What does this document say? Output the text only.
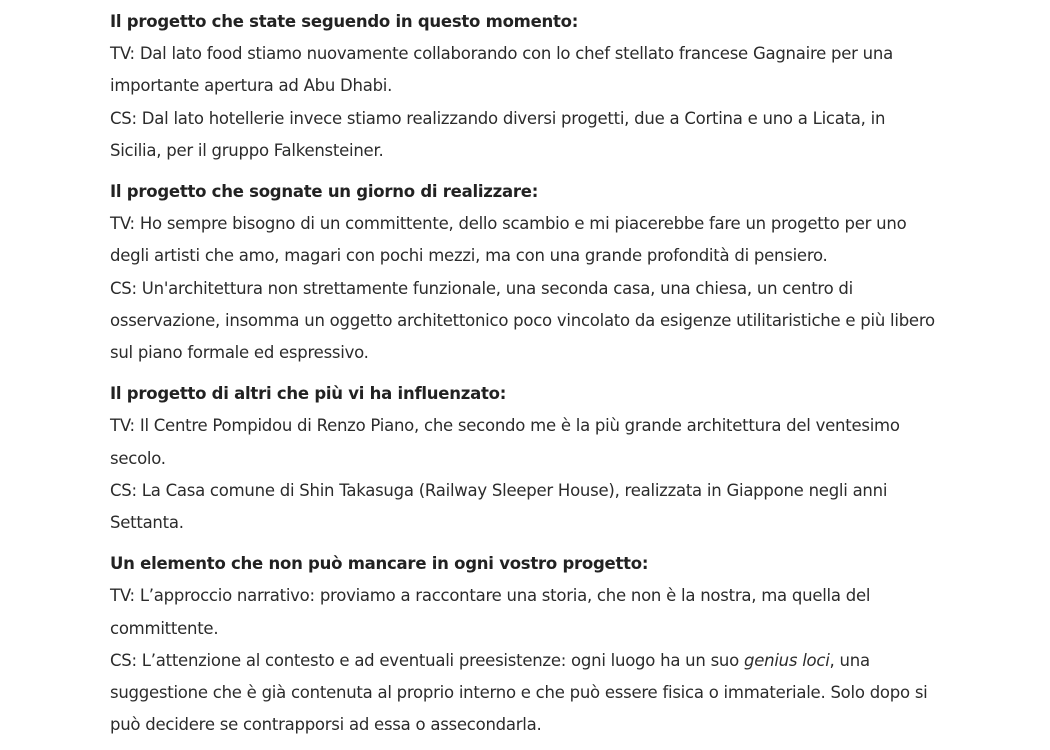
Il progetto che state seguendo in questo momento:

TV: Dal lato food stiamo nuovamente collaborando con lo chef stellato francese Gagnaire per una importante apertura ad Abu Dhabi.

CS: Dal lato hotellerie invece stiamo realizzando diversi progetti, due a Cortina e uno a Licata, in Sicilia, per il gruppo Falkensteiner.

Il progetto che sognate un giorno di realizzare:

TV: Ho sempre bisogno di un committente, dello scambio e mi piacerebbe fare un progetto per uno degli artisti che amo, magari con pochi mezzi, ma con una grande profondità di pensiero.

CS: Un'architettura non strettamente funzionale, una seconda casa, una chiesa, un centro di osservazione, insomma un oggetto architettonico poco vincolato da esigenze utilitaristiche e più libero sul piano formale ed espressivo.

Il progetto di altri che più vi ha influenzato:

TV: Il Centre Pompidou di Renzo Piano, che secondo me è la più grande architettura del ventesimo secolo.

CS: La Casa comune di Shin Takasuga (Railway Sleeper House), realizzata in Giappone negli anni Settanta.

Un elemento che non può mancare in ogni vostro progetto:

TV: L’approccio narrativo: proviamo a raccontare una storia, che non è la nostra, ma quella del committente.

CS: L’attenzione al contesto e ad eventuali preesistenze: ogni luogo ha un suo genius loci, una suggestione che è già contenuta al proprio interno e che può essere fisica o immateriale. Solo dopo si può decidere se contrapporsi ad essa o assecondarla.
